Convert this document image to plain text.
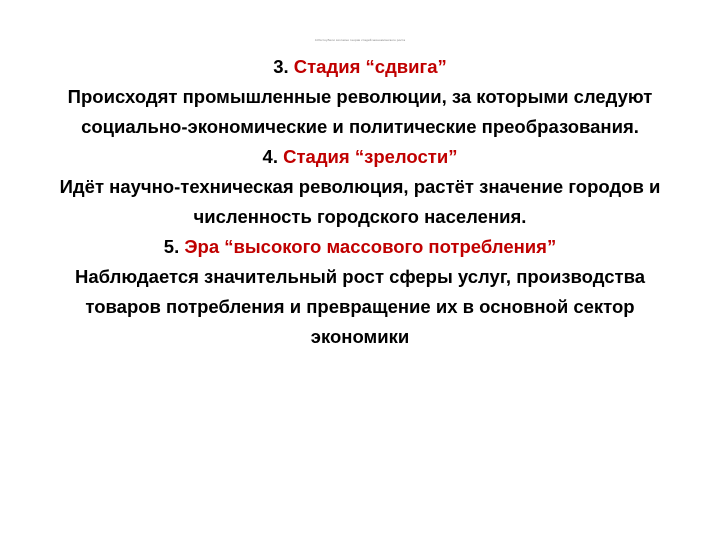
4.Ростоубили согласно теории стадий экономического роста

3. Стадия “сдвига”

Происходят промышленные революции, за которыми следуют социально-экономические и политические преобразования.

4. Стадия “зрелости”

Идёт научно-техническая революция, растёт значение городов и численность городского населения.

5. Эра “высокого массового потребления”

Наблюдается значительный рост сферы услуг, производства товаров потребления и превращение их в основной сектор экономики
